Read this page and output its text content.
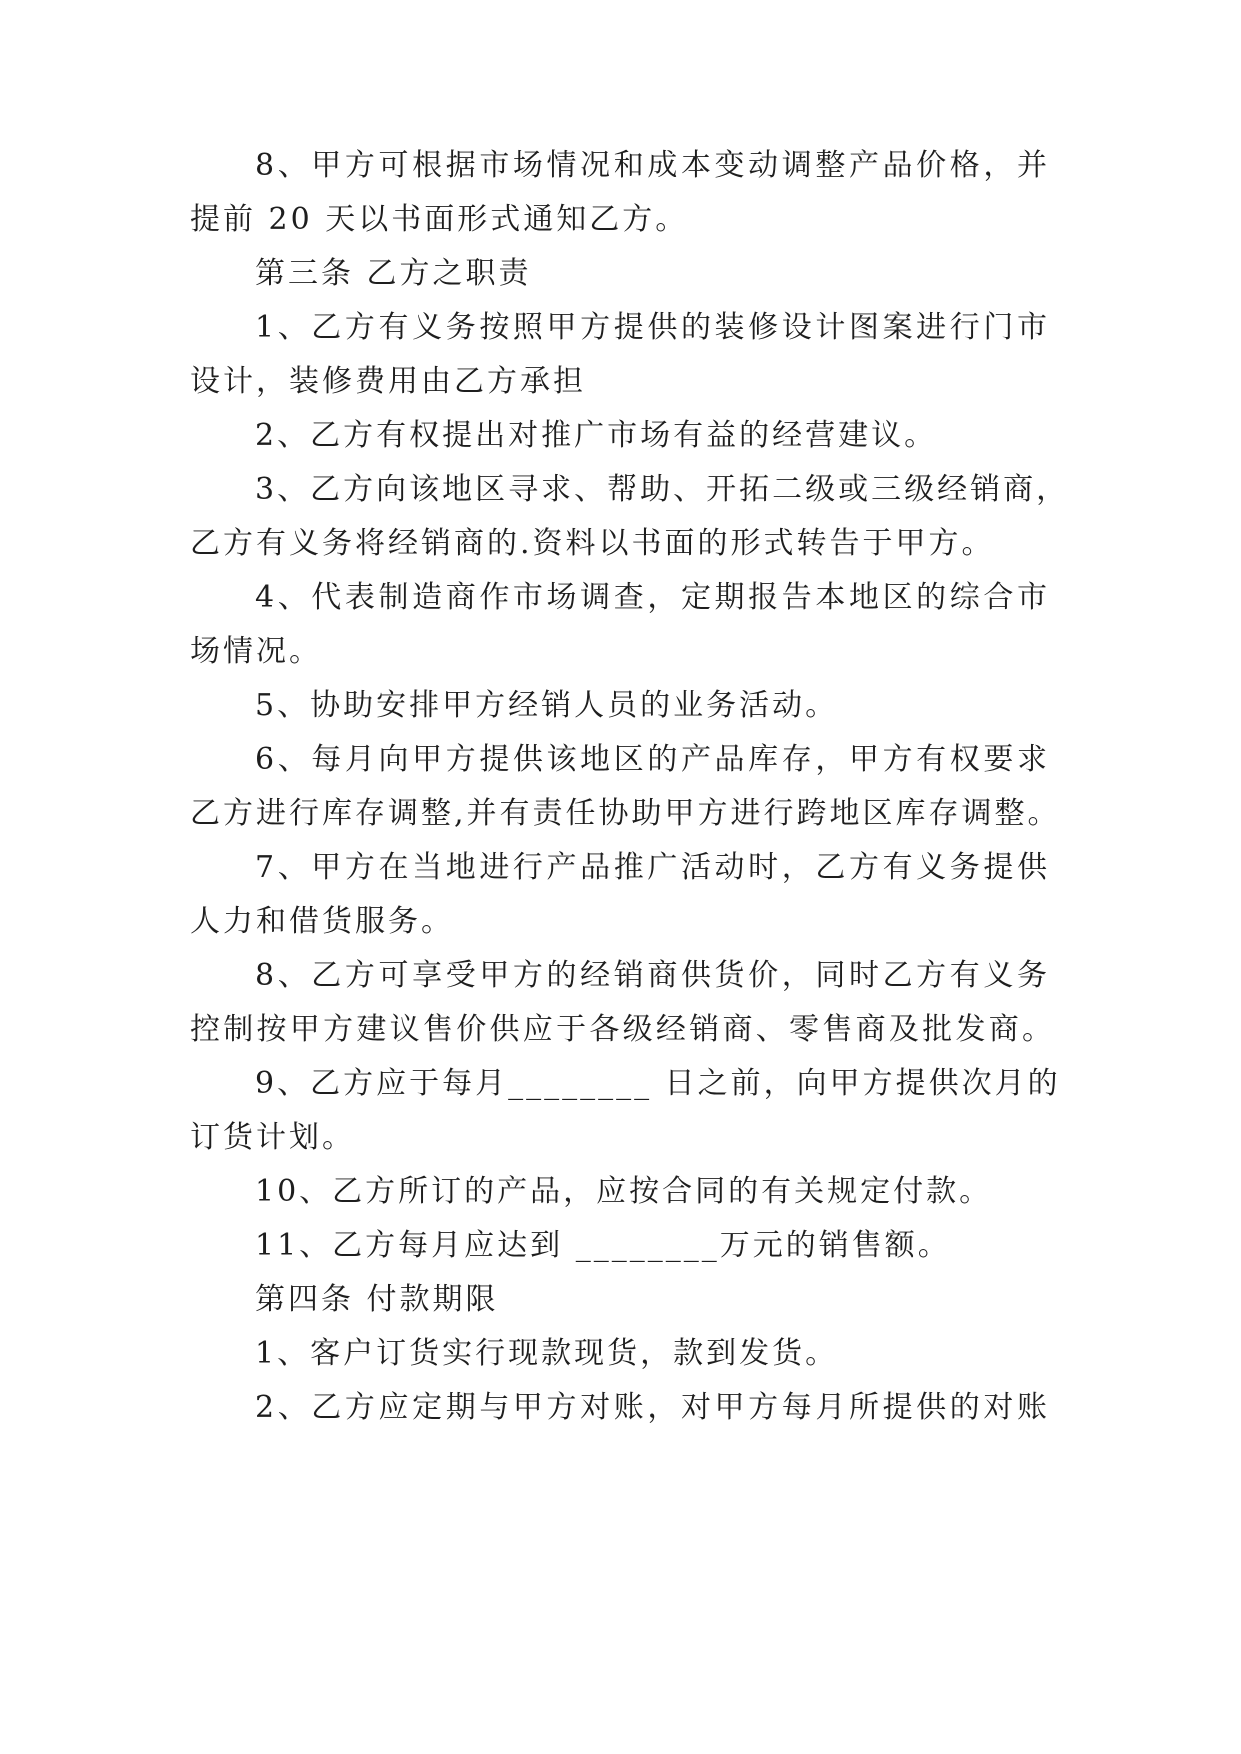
8、甲方可根据市场情况和成本变动调整产品价格，并
提前 20 天以书面形式通知乙方。
第三条 乙方之职责
1、乙方有义务按照甲方提供的装修设计图案进行门市
设计，装修费用由乙方承担
2、乙方有权提出对推广市场有益的经营建议。
3、乙方向该地区寻求、帮助、开拓二级或三级经销商，
乙方有义务将经销商的.资料以书面的形式转告于甲方。
4、代表制造商作市场调查，定期报告本地区的综合市
场情况。
5、协助安排甲方经销人员的业务活动。
6、每月向甲方提供该地区的产品库存，甲方有权要求
乙方进行库存调整,并有责任协助甲方进行跨地区库存调整。
7、甲方在当地进行产品推广活动时，乙方有义务提供
人力和借货服务。
8、乙方可享受甲方的经销商供货价，同时乙方有义务
控制按甲方建议售价供应于各级经销商、零售商及批发商。
9、乙方应于每月________ 日之前，向甲方提供次月的
订货计划。
10、乙方所订的产品，应按合同的有关规定付款。
11、乙方每月应达到 ________万元的销售额。
第四条 付款期限
1、客户订货实行现款现货，款到发货。
2、乙方应定期与甲方对账，对甲方每月所提供的对账
